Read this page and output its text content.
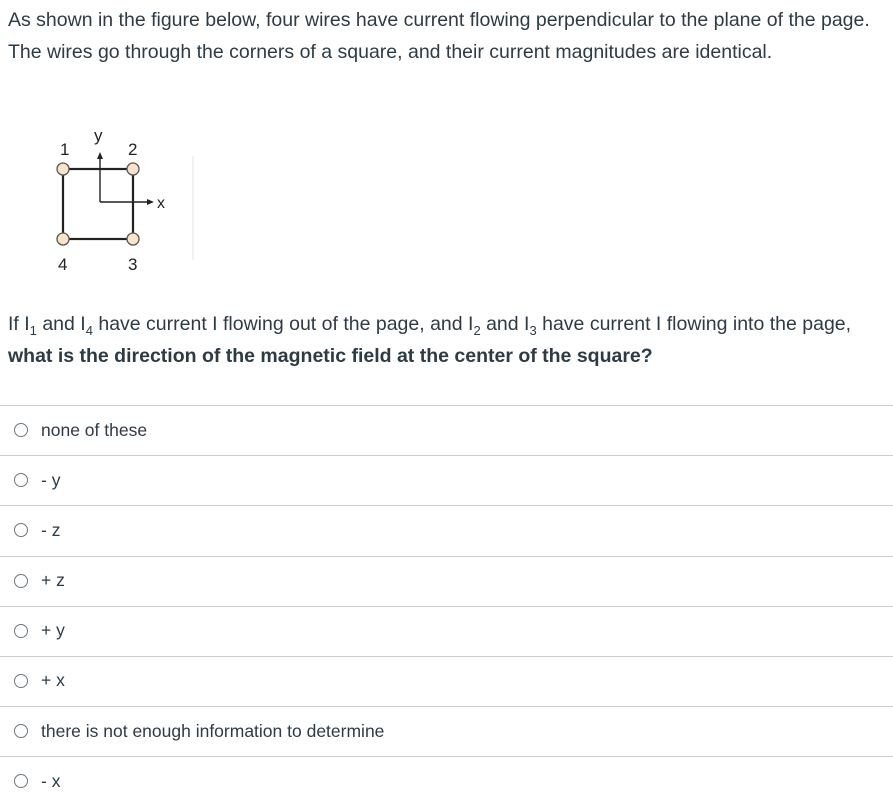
As shown in the figure below, four wires have current flowing perpendicular to the plane of the page. The wires go through the corners of a square, and their current magnitudes are identical.

1	2
3
4
y
x

If $I_1$ and $I_4$ have current I flowing out of the page, and $I_2$ and $I_3$ have current I flowing into the page, what is the direction of the magnetic field at the center of the square?

none of these
- y
- z
+ z
+ y
+ x
there is not enough information to determine
- x
